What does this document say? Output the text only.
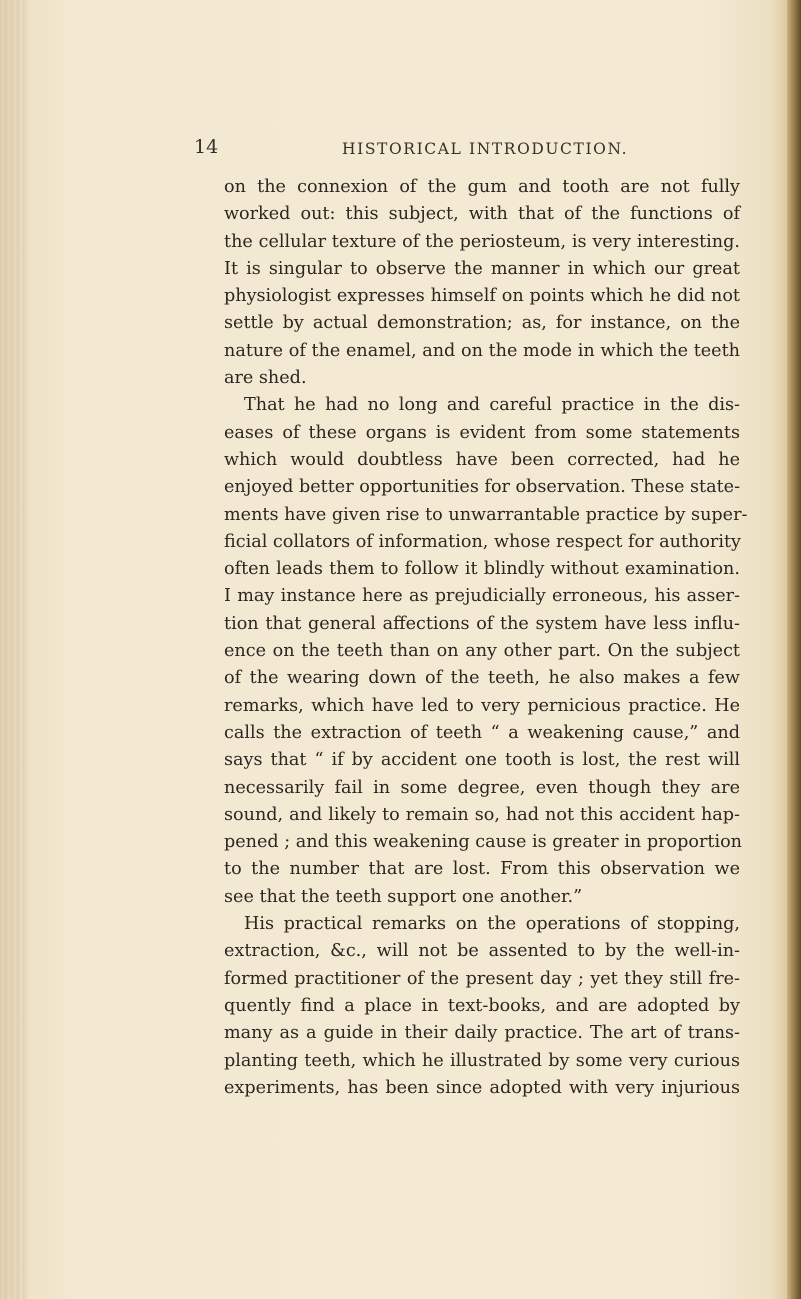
14	HISTORICAL INTRODUCTION.
on the connexion of the gum and tooth are not fully
worked out: this subject, with that of the functions of
the cellular texture of the periosteum, is very interesting.
It is singular to observe the manner in which our great
physiologist expresses himself on points which he did not
settle by actual demonstration; as, for instance, on the
nature of the enamel, and on the mode in which the teeth
are shed.
That he had no long and careful practice in the dis-
eases of these organs is evident from some statements
which would doubtless have been corrected, had he
enjoyed better opportunities for observation. These state-
ments have given rise to unwarrantable practice by super-
ficial collators of information, whose respect for authority
often leads them to follow it blindly without examination.
I may instance here as prejudicially erroneous, his asser-
tion that general affections of the system have less influ-
ence on the teeth than on any other part. On the subject
of the wearing down of the teeth, he also makes a few
remarks, which have led to very pernicious practice. He
calls the extraction of teeth “ a weakening cause,” and
says that “ if by accident one tooth is lost, the rest will
necessarily fail in some degree, even though they are
sound, and likely to remain so, had not this accident hap-
pened ; and this weakening cause is greater in proportion
to the number that are lost. From this observation we
see that the teeth support one another.”
His practical remarks on the operations of stopping,
extraction, &c., will not be assented to by the well-in-
formed practitioner of the present day ; yet they still fre-
quently find a place in text-books, and are adopted by
many as a guide in their daily practice. The art of trans-
planting teeth, which he illustrated by some very curious
experiments, has been since adopted with very injurious
